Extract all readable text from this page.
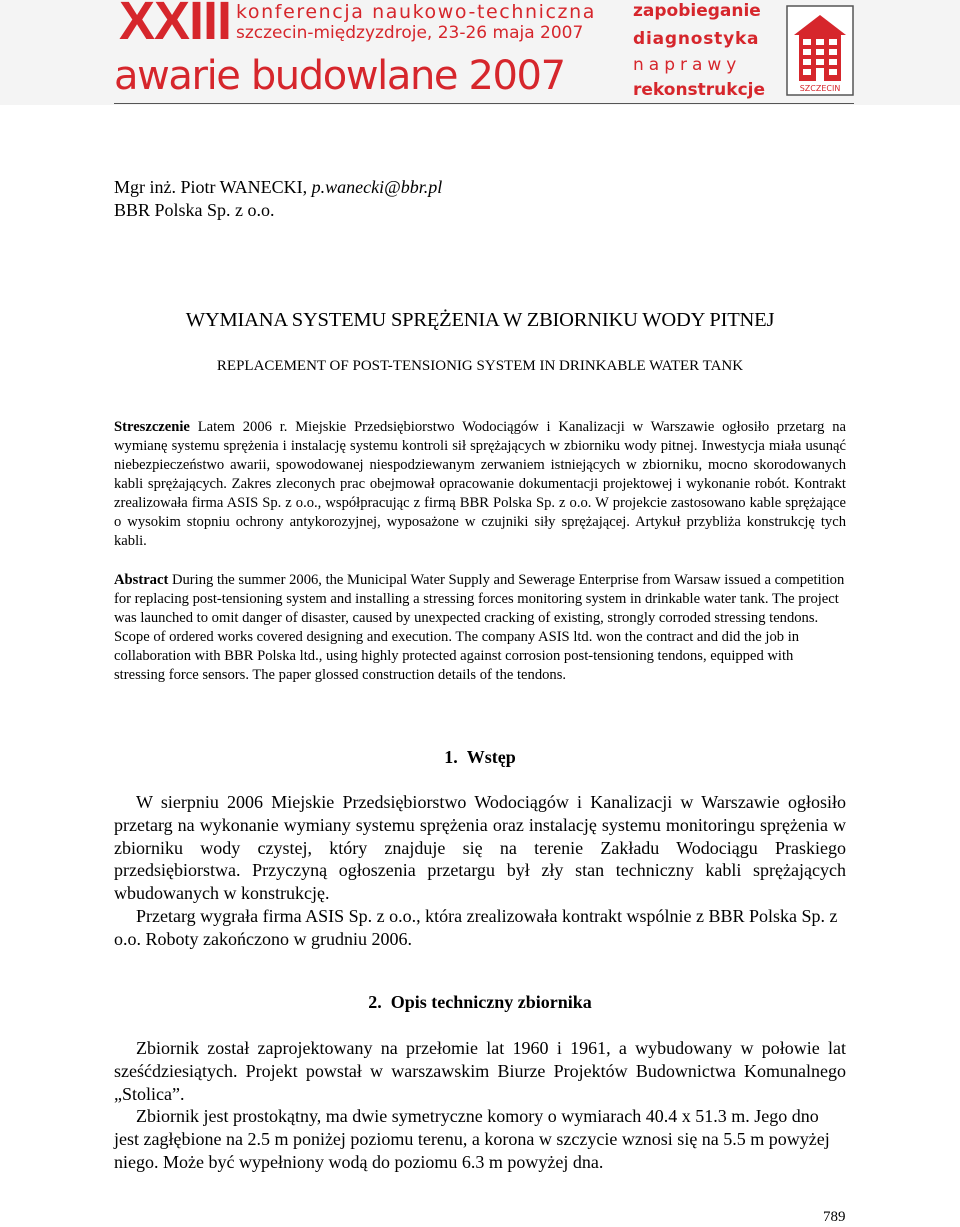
XXIII konferencja naukowo-techniczna
szczecin-międzyzdroje, 23-26 maja 2007
awarie budowlane 2007
zapobieganie
diagnostyka
naprawy
rekonstrukcje	SZCZECIN
Mgr inż. Piotr WANECKI, p.wanecki@bbr.pl
BBR Polska Sp. z o.o.
WYMIANA SYSTEMU SPRĘŻENIA W ZBIORNIKU WODY PITNEJ
REPLACEMENT OF POST-TENSIONIG SYSTEM IN DRINKABLE WATER TANK

Streszczenie Latem 2006 r. Miejskie Przedsiębiorstwo Wodociągów i Kanalizacji w Warszawie ogłosiło przetarg na wymianę systemu sprężenia i instalację systemu kontroli sił sprężających w zbiorniku wody pitnej. Inwestycja miała usunąć niebezpieczeństwo awarii, spowodowanej niespodziewanym zerwaniem istniejących w zbiorniku, mocno skorodowanych kabli sprężających. Zakres zleconych prac obejmował opracowanie dokumentacji projektowej i wykonanie robót. Kontrakt zrealizowała firma ASIS Sp. z o.o., współpracując z firmą BBR Polska Sp. z o.o. W projekcie zastosowano kable sprężające o wysokim stopniu ochrony antykorozyjnej, wyposażone w czujniki siły sprężającej. Artykuł przybliża konstrukcję tych kabli.

Abstract During the summer 2006, the Municipal Water Supply and Sewerage Enterprise from Warsaw issued a competition for replacing post-tensioning system and installing a stressing forces monitoring system in drinkable water tank. The project was launched to omit danger of disaster, caused by unexpected cracking of existing, strongly corroded stressing tendons. Scope of ordered works covered designing and execution. The company ASIS ltd. won the contract and did the job in collaboration with BBR Polska ltd., using highly protected against corrosion post-tensioning tendons, equipped with stressing force sensors. The paper glossed construction details of the tendons.

1. Wstęp

W sierpniu 2006 Miejskie Przedsiębiorstwo Wodociągów i Kanalizacji w Warszawie ogłosiło przetarg na wykonanie wymiany systemu sprężenia oraz instalację systemu monitoringu sprężenia w zbiorniku wody czystej, który znajduje się na terenie Zakładu Wodociągu Praskiego przedsiębiorstwa. Przyczyną ogłoszenia przetargu był zły stan techniczny kabli sprężających wbudowanych w konstrukcję.

Przetarg wygrała firma ASIS Sp. z o.o., która zrealizowała kontrakt wspólnie z BBR Polska Sp. z o.o. Roboty zakończono w grudniu 2006.

2. Opis techniczny zbiornika

Zbiornik został zaprojektowany na przełomie lat 1960 i 1961, a wybudowany w połowie lat sześćdziesiątych. Projekt powstał w warszawskim Biurze Projektów Budownictwa Komunalnego „Stolica”.

Zbiornik jest prostokątny, ma dwie symetryczne komory o wymiarach 40.4 x 51.3 m. Jego dno jest zagłębione na 2.5 m poniżej poziomu terenu, a korona w szczycie wznosi się na 5.5 m powyżej niego. Może być wypełniony wodą do poziomu 6.3 m powyżej dna.

789
